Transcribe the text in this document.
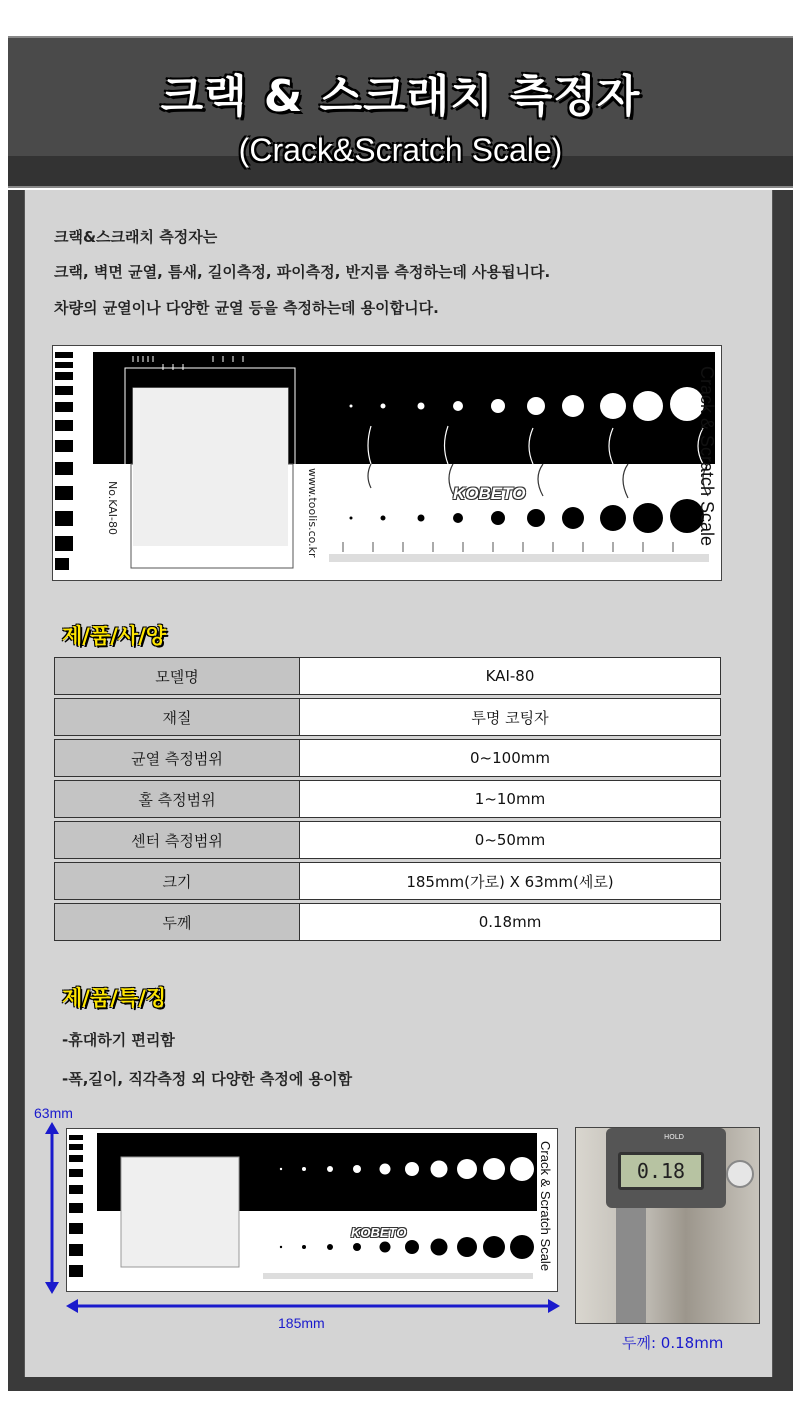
크랙 & 스크래치 측정자
(Crack&Scratch Scale)

크랙&스크래치 측정자는

크랙, 벽면 균열, 틈새, 길이측정, 파이측정, 반지름 측정하는데 사용됩니다.

차량의 균열이나 다양한 균열 등을 측정하는데 용이합니다.

Crack & Scratch Scale
KOBETO
No.KAI-80	www.toolis.co.kr
제/품/사/양
모델명	KAI-80
재질	투명 코팅자
균열 측정범위	0~100mm
홀 측정범위	1~10mm
센터 측정범위	0~50mm
크기	185mm(가로) X 63mm(세로)
두께	0.18mm
제/품/특/징
-휴대하기 편리함
-폭,길이, 직각측정 외 다양한 측정에 용이함
63mm
Crack & Scratch Scale
KOBETO
185mm
HOLD
0.18
두께: 0.18mm
